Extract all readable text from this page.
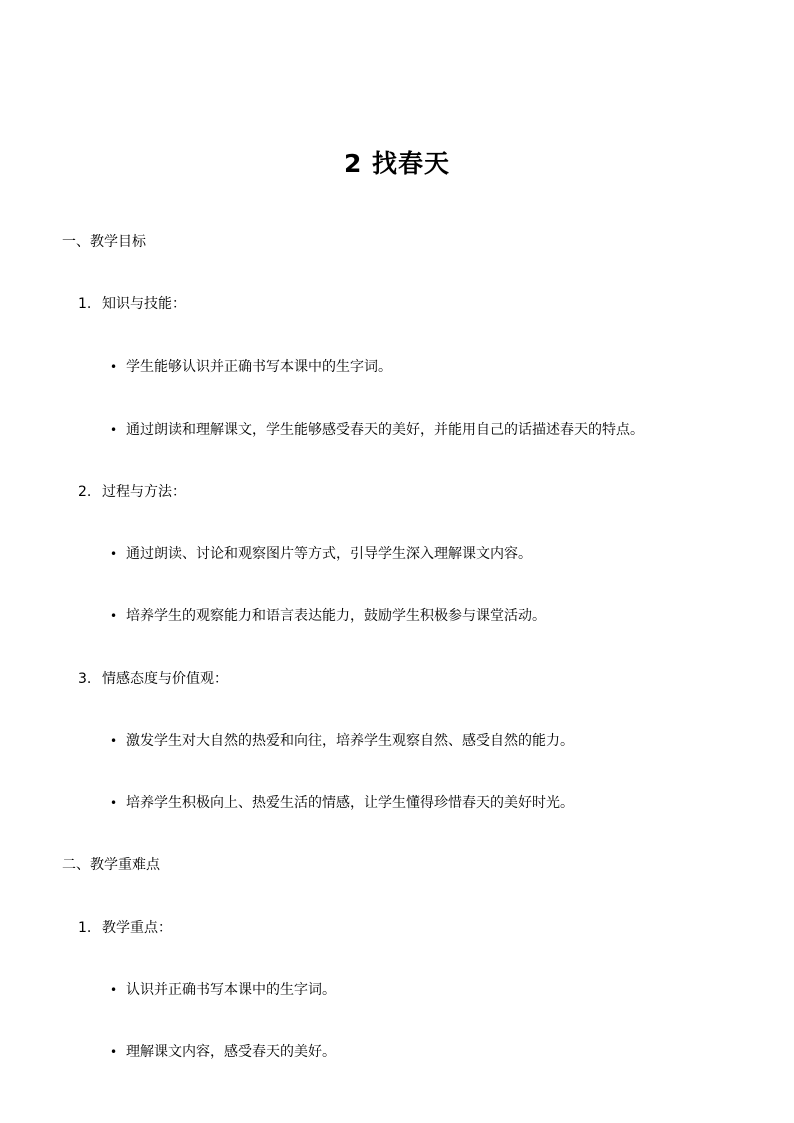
2 找春天
一、教学目标
1. 知识与技能：
• 学生能够认识并正确书写本课中的生字词。
• 通过朗读和理解课文，学生能够感受春天的美好，并能用自己的话描述春天的特点。
2. 过程与方法：
• 通过朗读、讨论和观察图片等方式，引导学生深入理解课文内容。
• 培养学生的观察能力和语言表达能力，鼓励学生积极参与课堂活动。
3. 情感态度与价值观：
• 激发学生对大自然的热爱和向往，培养学生观察自然、感受自然的能力。
• 培养学生积极向上、热爱生活的情感，让学生懂得珍惜春天的美好时光。
二、教学重难点
1. 教学重点：
• 认识并正确书写本课中的生字词。
• 理解课文内容，感受春天的美好。
